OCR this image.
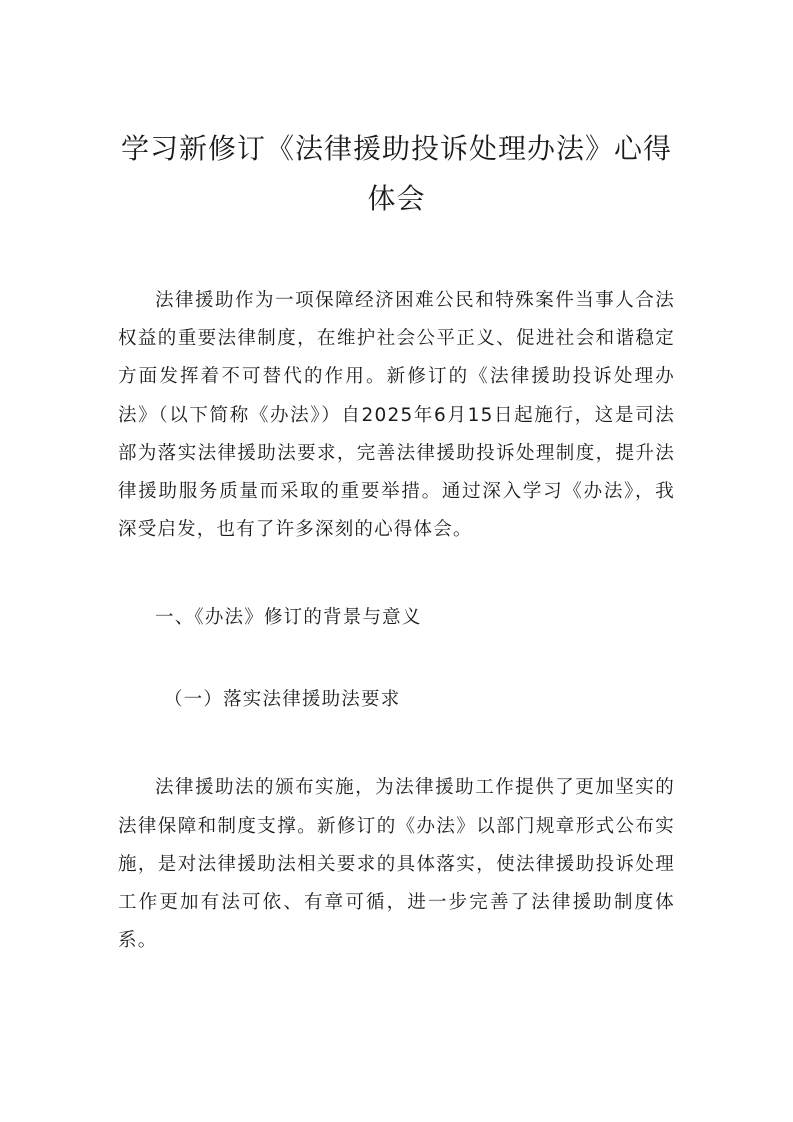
学习新修订《法律援助投诉处理办法》心得体会

法律援助作为一项保障经济困难公民和特殊案件当事人合法权益的重要法律制度，在维护社会公平正义、促进社会和谐稳定方面发挥着不可替代的作用。新修订的《法律援助投诉处理办法》（以下简称《办法》）自2025年6月15日起施行，这是司法部为落实法律援助法要求，完善法律援助投诉处理制度，提升法律援助服务质量而采取的重要举措。通过深入学习《办法》，我深受启发，也有了许多深刻的心得体会。

一、《办法》修订的背景与意义

（一）落实法律援助法要求

法律援助法的颁布实施，为法律援助工作提供了更加坚实的法律保障和制度支撑。新修订的《办法》以部门规章形式公布实施，是对法律援助法相关要求的具体落实，使法律援助投诉处理工作更加有法可依、有章可循，进一步完善了法律援助制度体系。
